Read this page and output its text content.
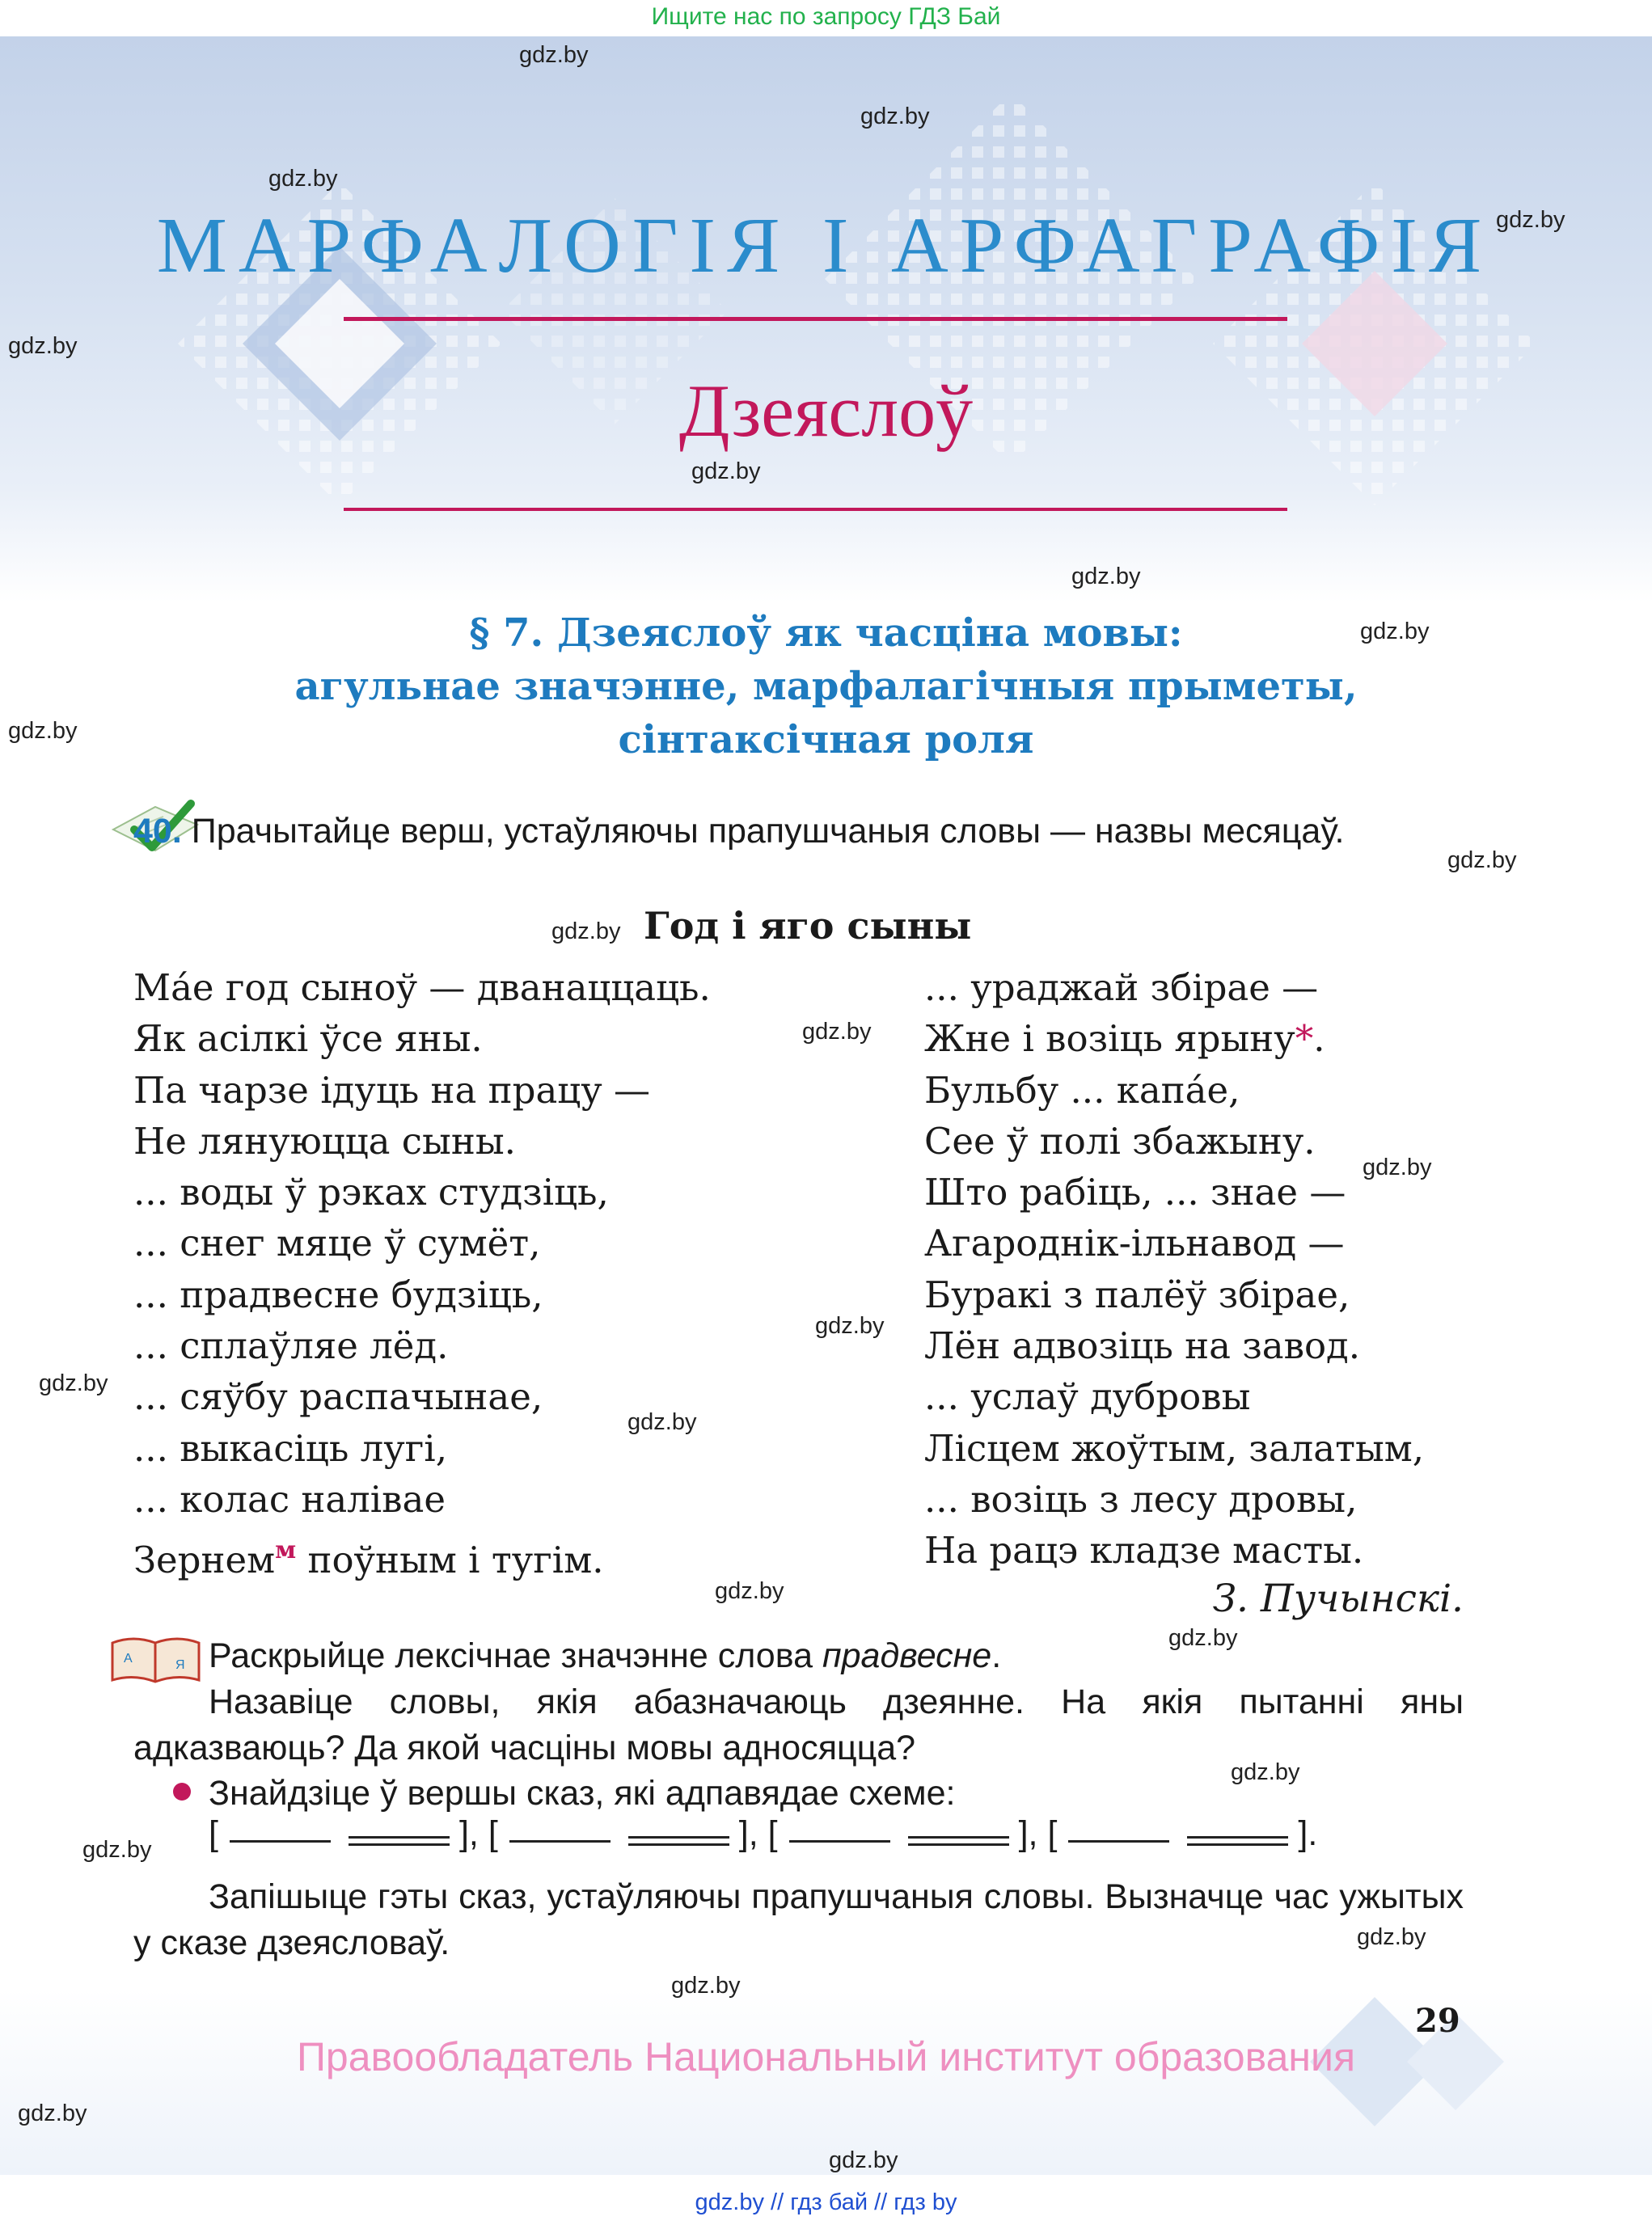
Ищите нас по запросу ГДЗ Бай
gdz.by
gdz.by
gdz.by
gdz.by
gdz.by
gdz.by
gdz.by
gdz.by
gdz.by
gdz.by
gdz.by
gdz.by
gdz.by
gdz.by
gdz.by
gdz.by
gdz.by
gdz.by
gdz.by
gdz.by
gdz.by
gdz.by
gdz.by
gdz.by
МАРФАЛОГІЯ І АРФАГРАФІЯ
Дзеяслоў
§ 7. Дзеяслоў як часціна мовы:
агульнае значэнне, марфалагічныя прыметы,
сінтаксічная роля
40. Прачытайце верш, устаўляючы прапушчаныя словы — назвы месяцаў.
Год і яго сыны
Ма́е год сыноў — дванаццаць.
Як асілкі ўсе яны.
Па чарзе ідуць на працу —
Не лянуюцца сыны.
... воды ў рэках студзіць,
... снег мяце ў сумёт,
... прадвесне будзіць,
... сплаўляе лёд.
... сяўбу распачынае,
... выкасіць лугі,
... колас налівае
Зернем$^м$ поўным і тугім.
... ураджай збірае —
Жне і возіць ярыну*.
Бульбу ... капа́е,
Сее ў полі збажыну.
Што рабіць, ... знае —
Агароднік-ільнавод —
Буракі з палёў збірае,
Лён адвозіць на завод.
... услаў дубровы
Лісцем жоўтым, залатым,
... возіць з лесу дровы,
На рацэ кладзе масты.
З. Пучынскі.
А	Я Раскрыйце лексічнае значэнне слова прадвесне.
Назавіце словы, якія абазначаюць дзеянне. На якія пытанні яны адказваюць? Да якой часціны мовы адносяцца?
Знайдзіце ў вершы сказ, які адпавядае схеме:
[	], [	], [	], [	].
Запішыце гэты сказ, устаўляючы прапушчаныя словы. Вызначце час ужытых у сказе дзеясловаў.
29
Правообладатель Национальный институт образования
gdz.by // гдз бай // гдз by
